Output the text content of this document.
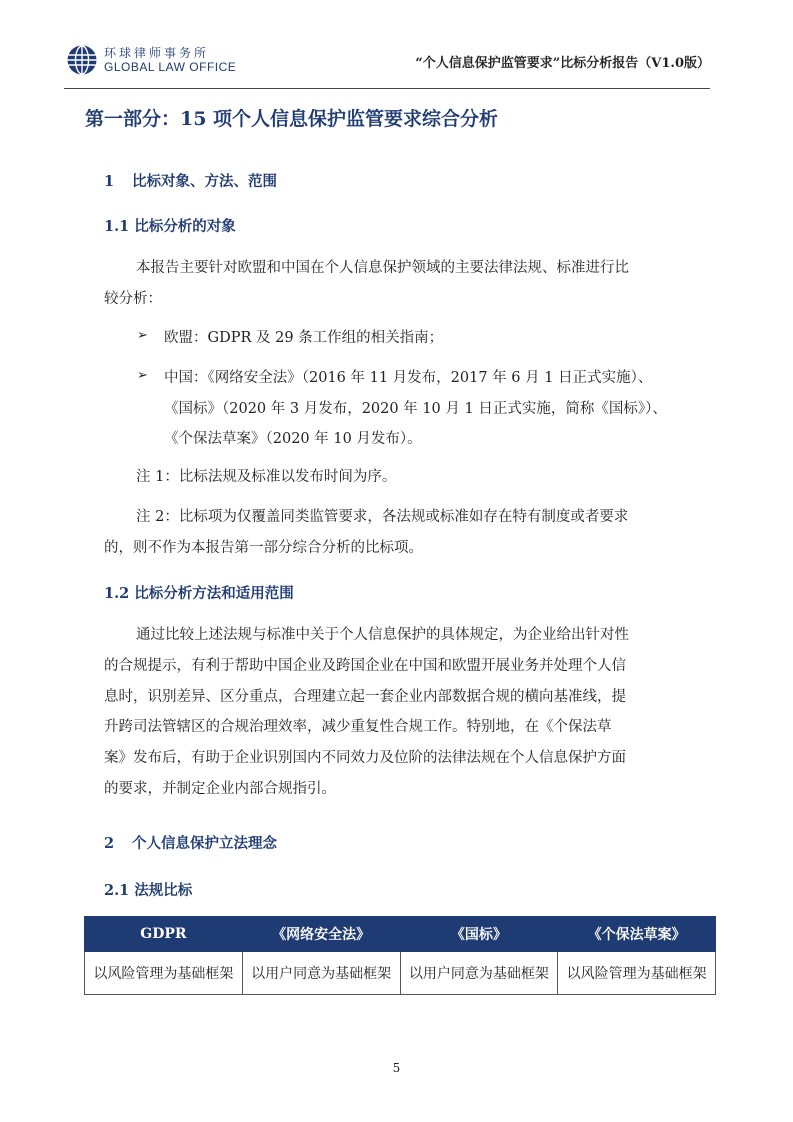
环球律师事务所
GLOBAL LAW OFFICE	“个人信息保护监管要求”比标分析报告（V1.0版）
第一部分：15 项个人信息保护监管要求综合分析
1 比标对象、方法、范围
1.1 比标分析的对象
本报告主要针对欧盟和中国在个人信息保护领域的主要法律法规、标准进行比
较分析：
➢ 欧盟：GDPR 及 29 条工作组的相关指南；
➢ 中国：《网络安全法》（2016 年 11 月发布，2017 年 6 月 1 日正式实施）、
《国标》（2020 年 3 月发布，2020 年 10 月 1 日正式实施，简称《国标》）、
《个保法草案》（2020 年 10 月发布）。
注 1：比标法规及标准以发布时间为序。
注 2：比标项为仅覆盖同类监管要求，各法规或标准如存在特有制度或者要求
的，则不作为本报告第一部分综合分析的比标项。
1.2 比标分析方法和适用范围
通过比较上述法规与标准中关于个人信息保护的具体规定，为企业给出针对性
的合规提示，有利于帮助中国企业及跨国企业在中国和欧盟开展业务并处理个人信
息时，识别差异、区分重点，合理建立起一套企业内部数据合规的横向基准线，提
升跨司法管辖区的合规治理效率，减少重复性合规工作。特别地，在《个保法草
案》发布后，有助于企业识别国内不同效力及位阶的法律法规在个人信息保护方面
的要求，并制定企业内部合规指引。
2 个人信息保护立法理念
2.1 法规比标
GDPR	《网络安全法》	《国标》	《个保法草案》
以风险管理为基础框架	以用户同意为基础框架	以用户同意为基础框架	以风险管理为基础框架
5
